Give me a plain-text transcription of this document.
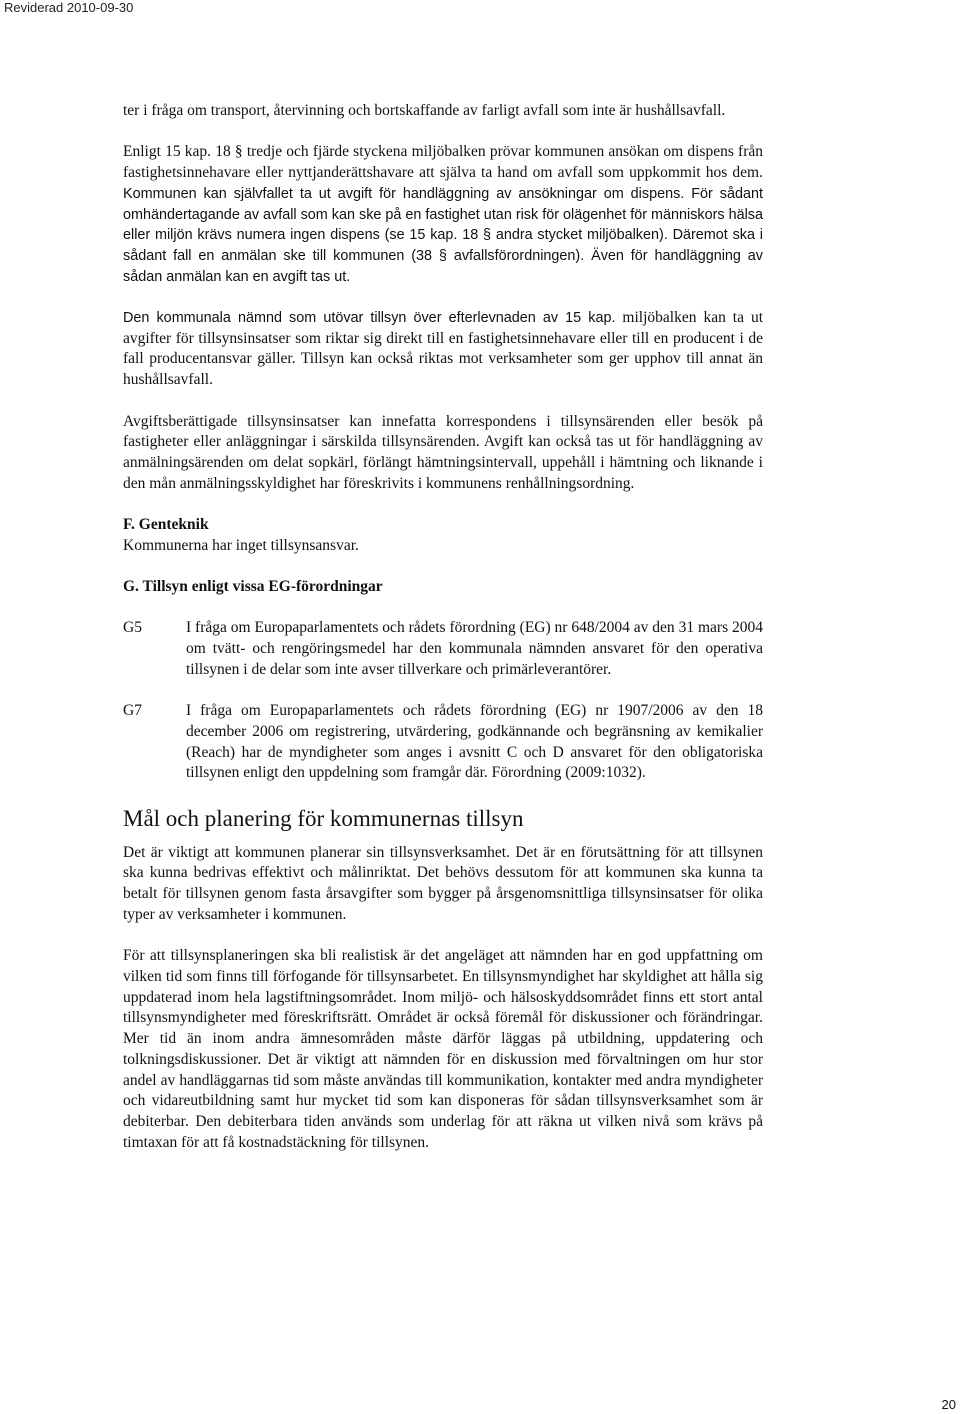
Reviderad 2010-09-30

ter i fråga om transport, återvinning och bortskaffande av farligt avfall som inte är hushållsavfall.

Enligt 15 kap. 18 § tredje och fjärde styckena miljöbalken prövar kommunen ansökan om dispens från fastighetsinnehavare eller nyttjanderättshavare att själva ta hand om avfall som uppkommit hos dem. Kommunen kan självfallet ta ut avgift för handläggning av ansökningar om dispens. För sådant omhändertagande av avfall som kan ske på en fastighet utan risk för olägenhet för människors hälsa eller miljön krävs numera ingen dispens (se 15 kap. 18 § andra stycket miljöbalken). Däremot ska i sådant fall en anmälan ske till kommunen (38 § avfallsförordningen). Även för handläggning av sådan anmälan kan en avgift tas ut.

Den kommunala nämnd som utövar tillsyn över efterlevnaden av 15 kap. miljöbalken kan ta ut avgifter för tillsynsinsatser som riktar sig direkt till en fastighetsinnehavare eller till en producent i de fall producentansvar gäller. Tillsyn kan också riktas mot verksamheter som ger upphov till annat än hushållsavfall.

Avgiftsberättigade tillsynsinsatser kan innefatta korrespondens i tillsynsärenden eller besök på fastigheter eller anläggningar i särskilda tillsynsärenden. Avgift kan också tas ut för handläggning av anmälningsärenden om delat sopkärl, förlängt hämtningsintervall, uppehåll i hämtning och liknande i den mån anmälningsskyldighet har föreskrivits i kommunens renhållningsordning.

F. Genteknik

Kommunerna har inget tillsynsansvar.

G. Tillsyn enligt vissa EG-förordningar

G5	I fråga om Europaparlamentets och rådets förordning (EG) nr 648/2004 av den 31 mars 2004 om tvätt- och rengöringsmedel har den kommunala nämnden ansvaret för den operativa tillsynen i de delar som inte avser tillverkare och primärleverantörer.
G7	I fråga om Europaparlamentets och rådets förordning (EG) nr 1907/2006 av den 18 december 2006 om registrering, utvärdering, godkännande och begränsning av kemikalier (Reach) har de myndigheter som anges i avsnitt C och D ansvaret för den obligatoriska tillsynen enligt den uppdelning som framgår där. Förordning (2009:1032).
Mål och planering för kommunernas tillsyn

Det är viktigt att kommunen planerar sin tillsynsverksamhet. Det är en förutsättning för att tillsynen ska kunna bedrivas effektivt och målinriktat. Det behövs dessutom för att kommunen ska kunna ta betalt för tillsynen genom fasta årsavgifter som bygger på årsgenomsnittliga tillsynsinsatser för olika typer av verksamheter i kommunen.

För att tillsynsplaneringen ska bli realistisk är det angeläget att nämnden har en god uppfattning om vilken tid som finns till förfogande för tillsynsarbetet. En tillsynsmyndighet har skyldighet att hålla sig uppdaterad inom hela lagstiftningsområdet. Inom miljö- och hälsoskyddsområdet finns ett stort antal tillsynsmyndigheter med föreskriftsrätt. Området är också föremål för diskussioner och förändringar. Mer tid än inom andra ämnesområden måste därför läggas på utbildning, uppdatering och tolkningsdiskussioner. Det är viktigt att nämnden för en diskussion med förvaltningen om hur stor andel av handläggarnas tid som måste användas till kommunikation, kontakter med andra myndigheter och vidareutbildning samt hur mycket tid som kan disponeras för sådan tillsynsverksamhet som är debiterbar. Den debiterbara tiden används som underlag för att räkna ut vilken nivå som krävs på timtaxan för att få kostnadstäckning för tillsynen.

20
